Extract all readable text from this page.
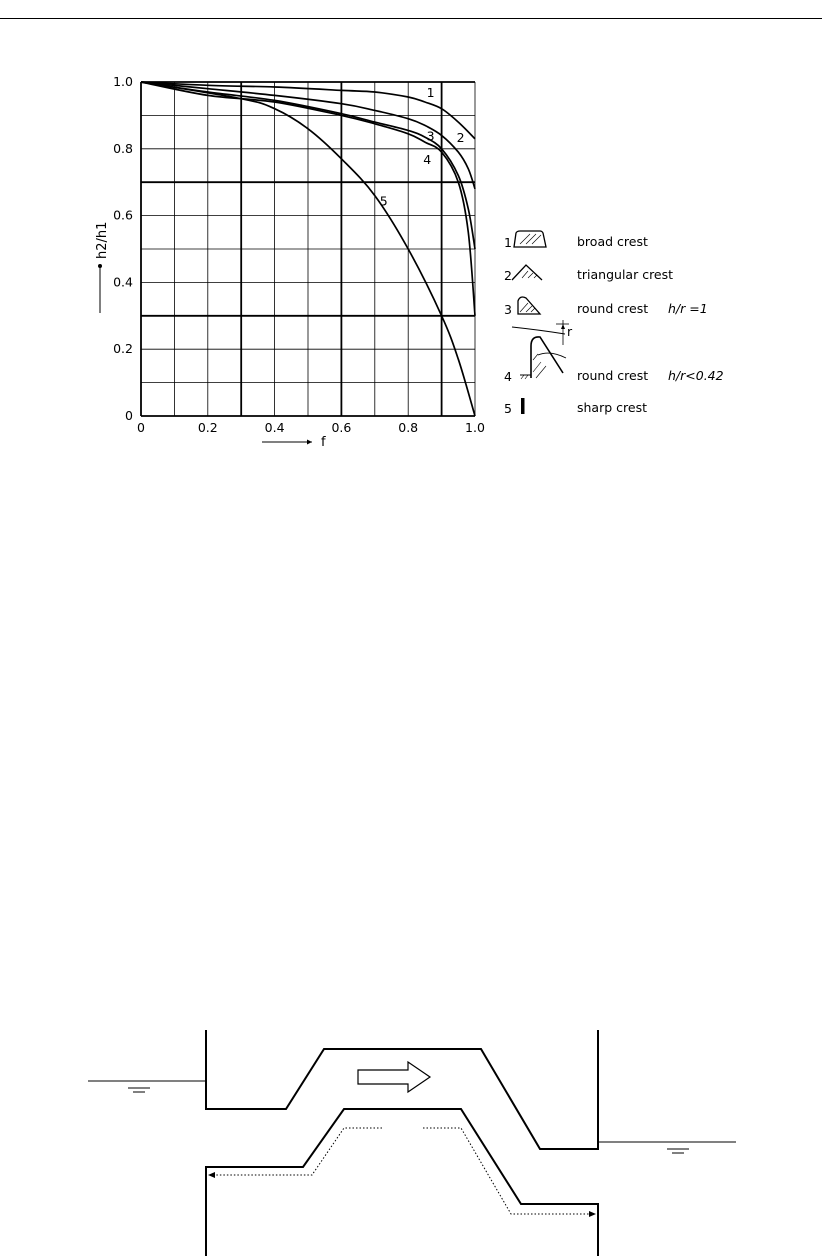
0	0.2	0.4	0.6	0.8	1.0
0
0.2
0.4
0.6
0.8
1.0
1
2
3
4
5
h2/h1
f
1	broad crest
2	triangular crest
3	round crest h/r =1
r
4	round crest h/r<0.42
5	sharp crest
